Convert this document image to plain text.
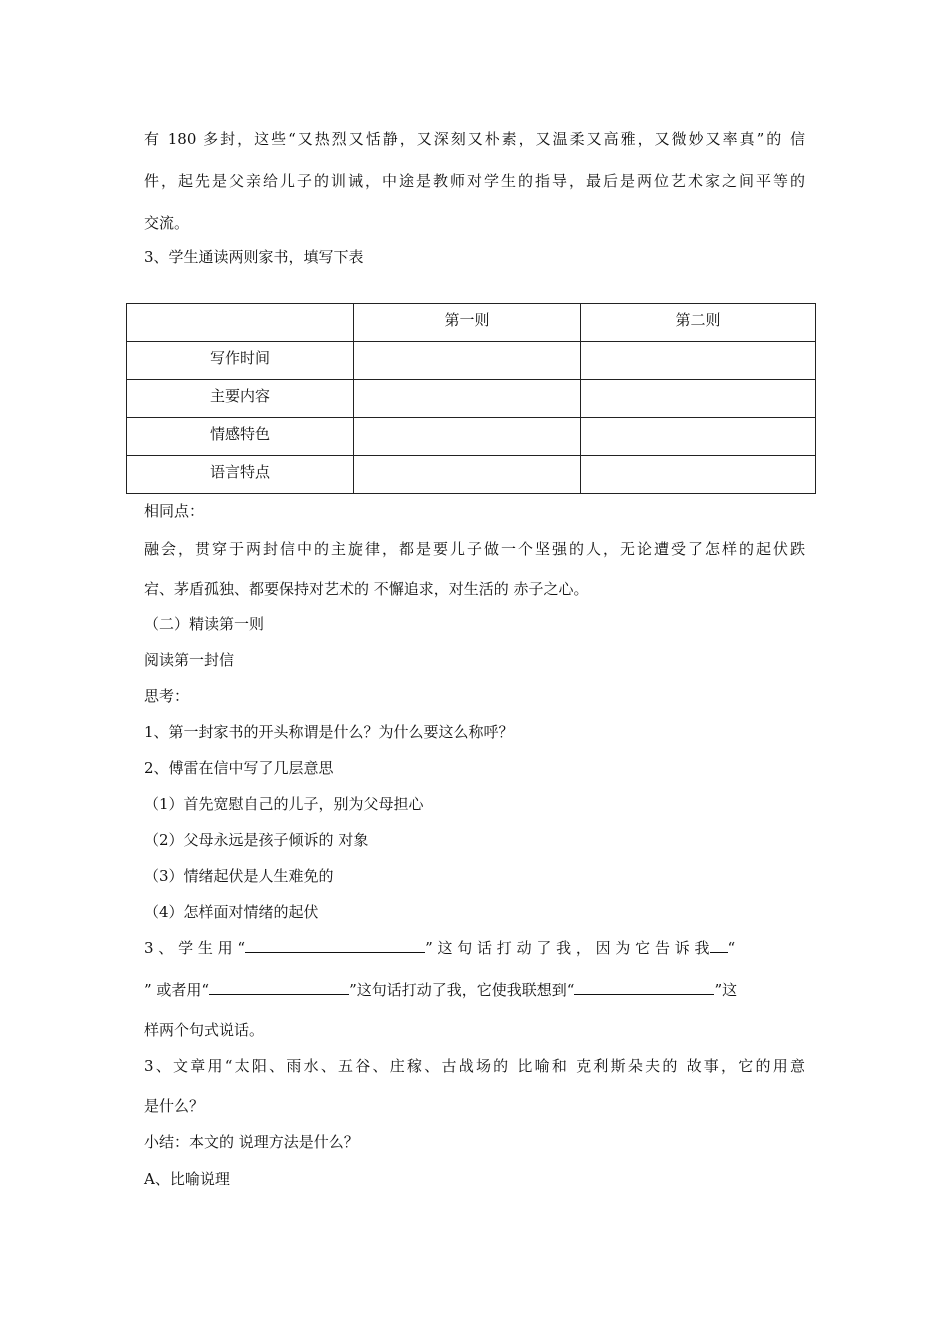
有 180 多封，这些“又热烈又恬静，又深刻又朴素，又温柔又高雅，又微妙又率真”的 信
件，起先是父亲给儿子的训诫，中途是教师对学生的指导，最后是两位艺术家之间平等的
交流。
3、学生通读两则家书，填写下表

	第一则	第二则

写作时间		

主要内容		

情感特色		

语言特点		

相同点：
融会，贯穿于两封信中的主旋律，都是要儿子做一个坚强的人，无论遭受了怎样的起伏跌
宕、茅盾孤独、都要保持对艺术的 不懈追求，对生活的 赤子之心。
（二）精读第一则
阅读第一封信
思考：
1、第一封家书的开头称谓是什么？为什么要这么称呼？
2、傅雷在信中写了几层意思
（1）首先宽慰自己的儿子，别为父母担心
（2）父母永远是孩子倾诉的 对象
（3）情绪起伏是人生难免的
（4）怎样面对情绪的起伏
3 、 学 生 用 “	” 这 句 话 打 动 了 我 ， 因 为 它 告 诉 我 “
” 或者用“	”这句话打动了我，它使我联想到“	”这
样两个句式说话。
3、文章用“太阳、雨水、五谷、庄稼、古战场的 比喻和 克利斯朵夫的 故事，它的用意
是什么？
小结：本文的 说理方法是什么？
A、比喻说理
